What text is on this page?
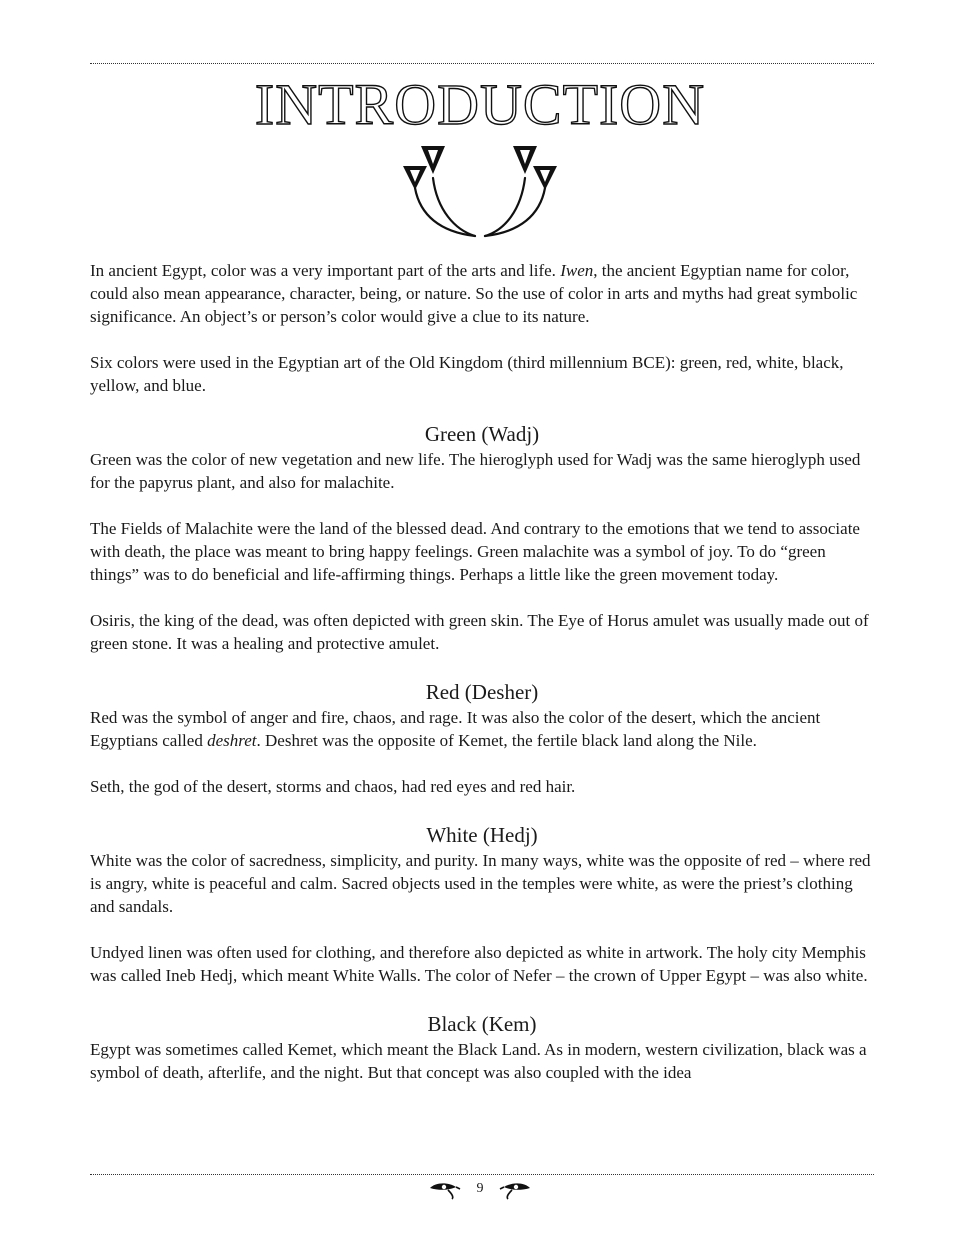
INTRODUCTION

In ancient Egypt, color was a very important part of the arts and life. Iwen, the ancient Egyptian name for color, could also mean appearance, character, being, or nature. So the use of color in arts and myths had great symbolic significance. An object’s or person’s color would give a clue to its nature.

Six colors were used in the Egyptian art of the Old Kingdom (third millennium BCE): green, red, white, black, yellow, and blue.

Green (Wadj)

Green was the color of new vegetation and new life. The hieroglyph used for Wadj was the same hieroglyph used for the papyrus plant, and also for malachite.

The Fields of Malachite were the land of the blessed dead. And contrary to the emotions that we tend to associate with death, the place was meant to bring happy feelings. Green malachite was a symbol of joy. To do “green things” was to do beneficial and life-affirming things. Perhaps a little like the green movement today.

Osiris, the king of the dead, was often depicted with green skin. The Eye of Horus amulet was usually made out of green stone. It was a healing and protective amulet.

Red (Desher)

Red was the symbol of anger and fire, chaos, and rage. It was also the color of the desert, which the ancient Egyptians called deshret. Deshret was the opposite of Kemet, the fertile black land along the Nile.

Seth, the god of the desert, storms and chaos, had red eyes and red hair.

White (Hedj)

White was the color of sacredness, simplicity, and purity. In many ways, white was the opposite of red – where red is angry, white is peaceful and calm. Sacred objects used in the temples were white, as were the priest’s clothing and sandals.

Undyed linen was often used for clothing, and therefore also depicted as white in artwork. The holy city Memphis was called Ineb Hedj, which meant White Walls. The color of Nefer – the crown of Upper Egypt – was also white.

Black (Kem)

Egypt was sometimes called Kemet, which meant the Black Land. As in modern, western civilization, black was a symbol of death, afterlife, and the night. But that concept was also coupled with the idea

9
